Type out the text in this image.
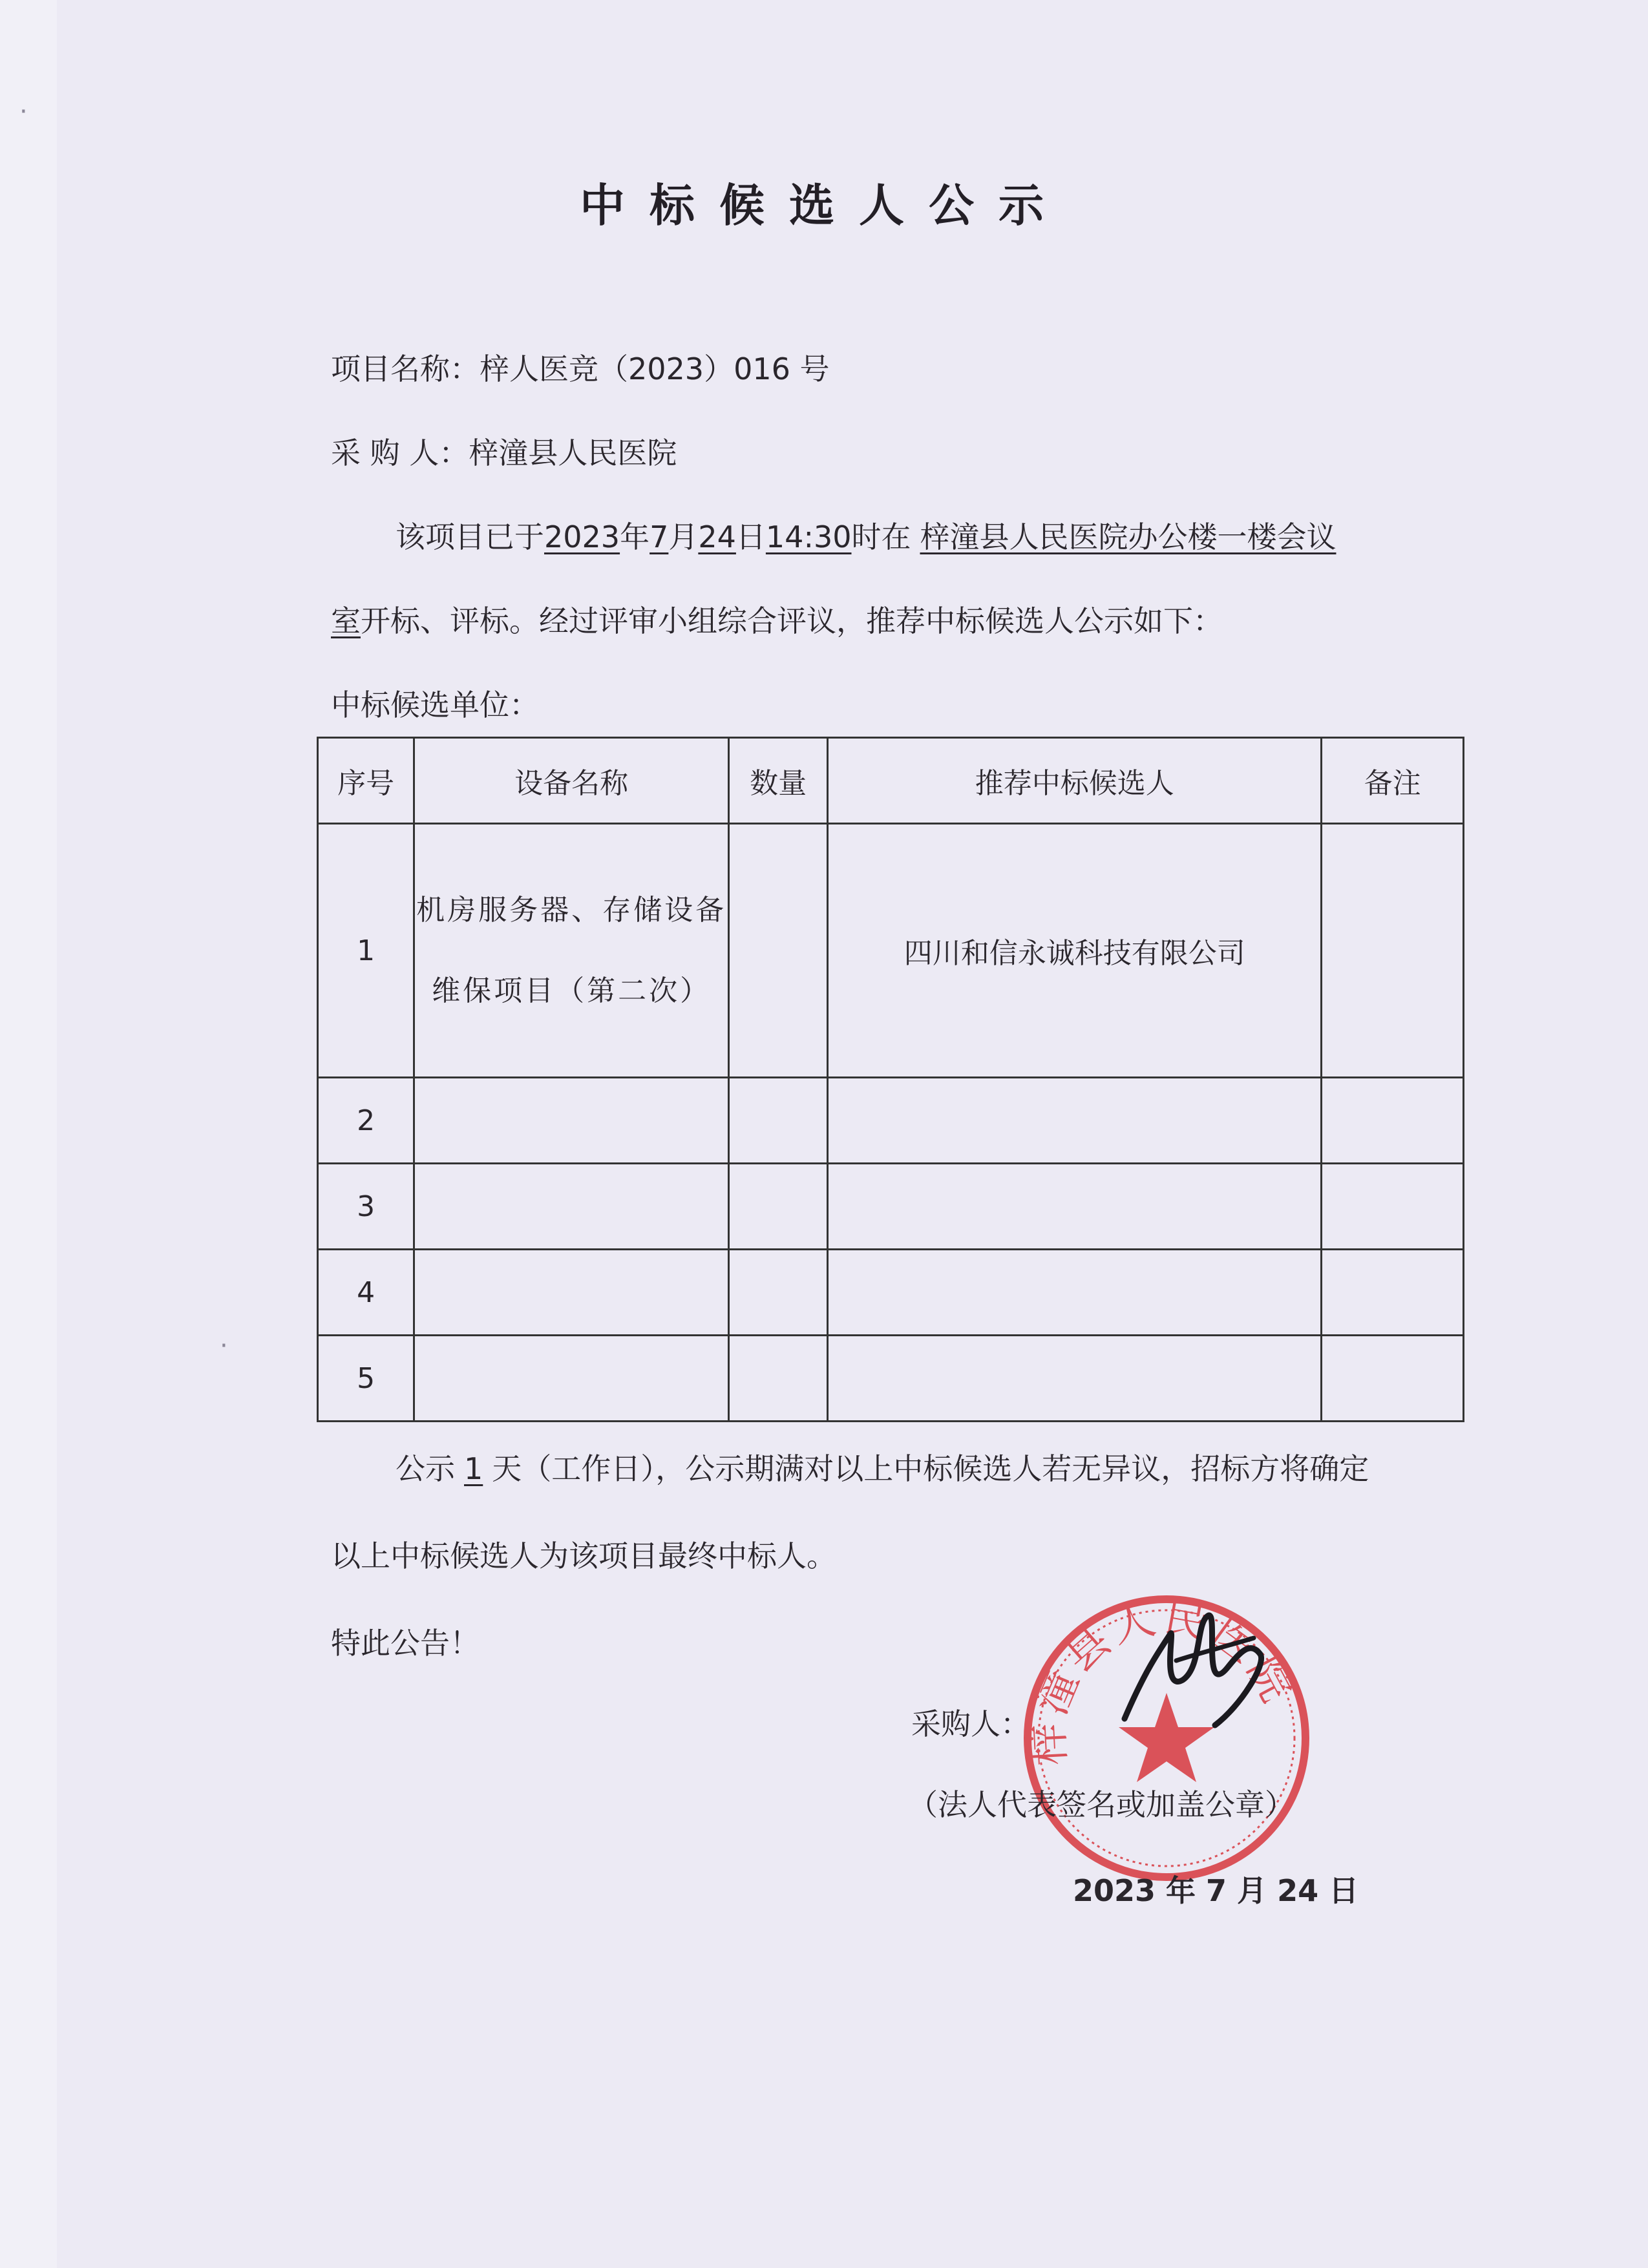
中标候选人公示
项目名称：梓人医竞（2023）016 号
采 购 人：梓潼县人民医院
该项目已于2023年7月24日14:30时在 梓潼县人民医院办公楼一楼会议
室开标、评标。经过评审小组综合评议，推荐中标候选人公示如下：
中标候选单位：
序号	设备名称	数量	推荐中标候选人	备注
1	机房服务器、存储设备维保项目（第二次）		四川和信永诚科技有限公司	
2				
3				
4				
5				
公示 1 天（工作日），公示期满对以上中标候选人若无异议，招标方将确定
以上中标候选人为该项目最终中标人。
特此公告！
梓潼县人民医院
采购人：
（法人代表签名或加盖公章）
2023 年 7 月 24 日
·
·
